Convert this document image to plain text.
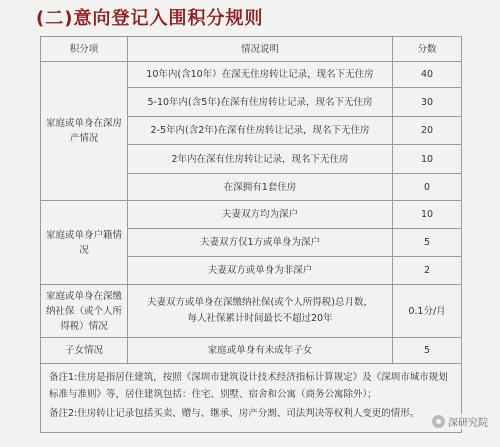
(二)意向登记入围积分规则
积分项	情况说明	分数
家庭或单身在深房产情况	10年内(含10年）在深无住房转让记录，现名下无住房	40
	5-10年内(含5年)在深有住房转让记录，现名下无住房	30
	2-5年内(含2年)在深有住房转让记录，现名下无住房	20
	2年内在深有住房转让记录，现名下无住房	10
	在深拥有1套住房	0
家庭或单身户籍情况	夫妻双方均为深户	10
	夫妻双方仅1方或单身为深户	5
	夫妻双方或单身为非深户	2
家庭或单身在深缴纳社保（或个人所得税）情况	夫妻双方或单身在深缴纳社保(或个人所得税)总月数，
每人社保累计时间最长不超过20年	0.1分/月
子女情况	家庭或单身有未成年子女	5

备注1:住房是指居住建筑，按照《深圳市建筑设计技术经济指标计算规定》及《深圳市城市规划标准与准则》等，居住建筑包括：住宅、别墅、宿舍和公寓（商务公寓除外）；

备注2:住房转让记录包括买卖、赠与、继承、房产分割、司法判决等权利人变更的情形。		

深研究院
